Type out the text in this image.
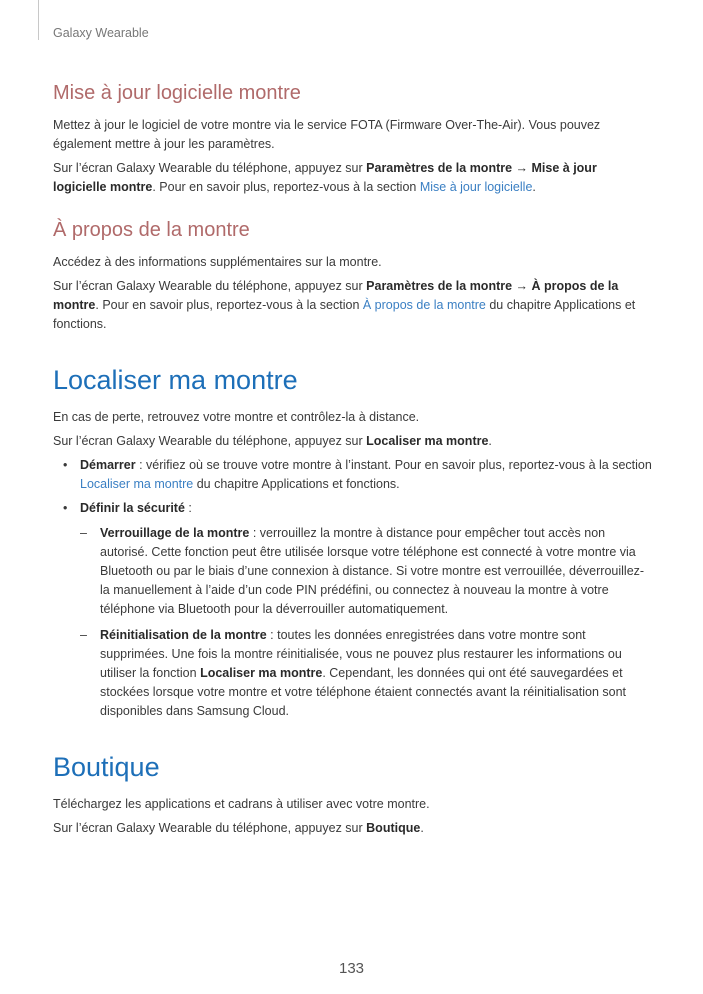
Galaxy Wearable
Mise à jour logicielle montre

Mettez à jour le logiciel de votre montre via le service FOTA (Firmware Over-The-Air). Vous pouvez également mettre à jour les paramètres.

Sur l’écran Galaxy Wearable du téléphone, appuyez sur Paramètres de la montre → Mise à jour logicielle montre. Pour en savoir plus, reportez-vous à la section Mise à jour logicielle.

À propos de la montre

Accédez à des informations supplémentaires sur la montre.

Sur l’écran Galaxy Wearable du téléphone, appuyez sur Paramètres de la montre → À propos de la montre. Pour en savoir plus, reportez-vous à la section À propos de la montre du chapitre Applications et fonctions.

Localiser ma montre

En cas de perte, retrouvez votre montre et contrôlez-la à distance.

Sur l’écran Galaxy Wearable du téléphone, appuyez sur Localiser ma montre.

• Démarrer : vérifiez où se trouve votre montre à l’instant. Pour en savoir plus, reportez-vous à la section Localiser ma montre du chapitre Applications et fonctions.
• Définir la sécurité :
– Verrouillage de la montre : verrouillez la montre à distance pour empêcher tout accès non autorisé. Cette fonction peut être utilisée lorsque votre téléphone est connecté à votre montre via Bluetooth ou par le biais d’une connexion à distance. Si votre montre est verrouillée, déverrouillez-la manuellement à l’aide d’un code PIN prédéfini, ou connectez à nouveau la montre à votre téléphone via Bluetooth pour la déverrouiller automatiquement.
– Réinitialisation de la montre : toutes les données enregistrées dans votre montre sont supprimées. Une fois la montre réinitialisée, vous ne pouvez plus restaurer les informations ou utiliser la fonction Localiser ma montre. Cependant, les données qui ont été sauvegardées et stockées lorsque votre montre et votre téléphone étaient connectés avant la réinitialisation sont disponibles dans Samsung Cloud.
Boutique

Téléchargez les applications et cadrans à utiliser avec votre montre.

Sur l’écran Galaxy Wearable du téléphone, appuyez sur Boutique.

133
